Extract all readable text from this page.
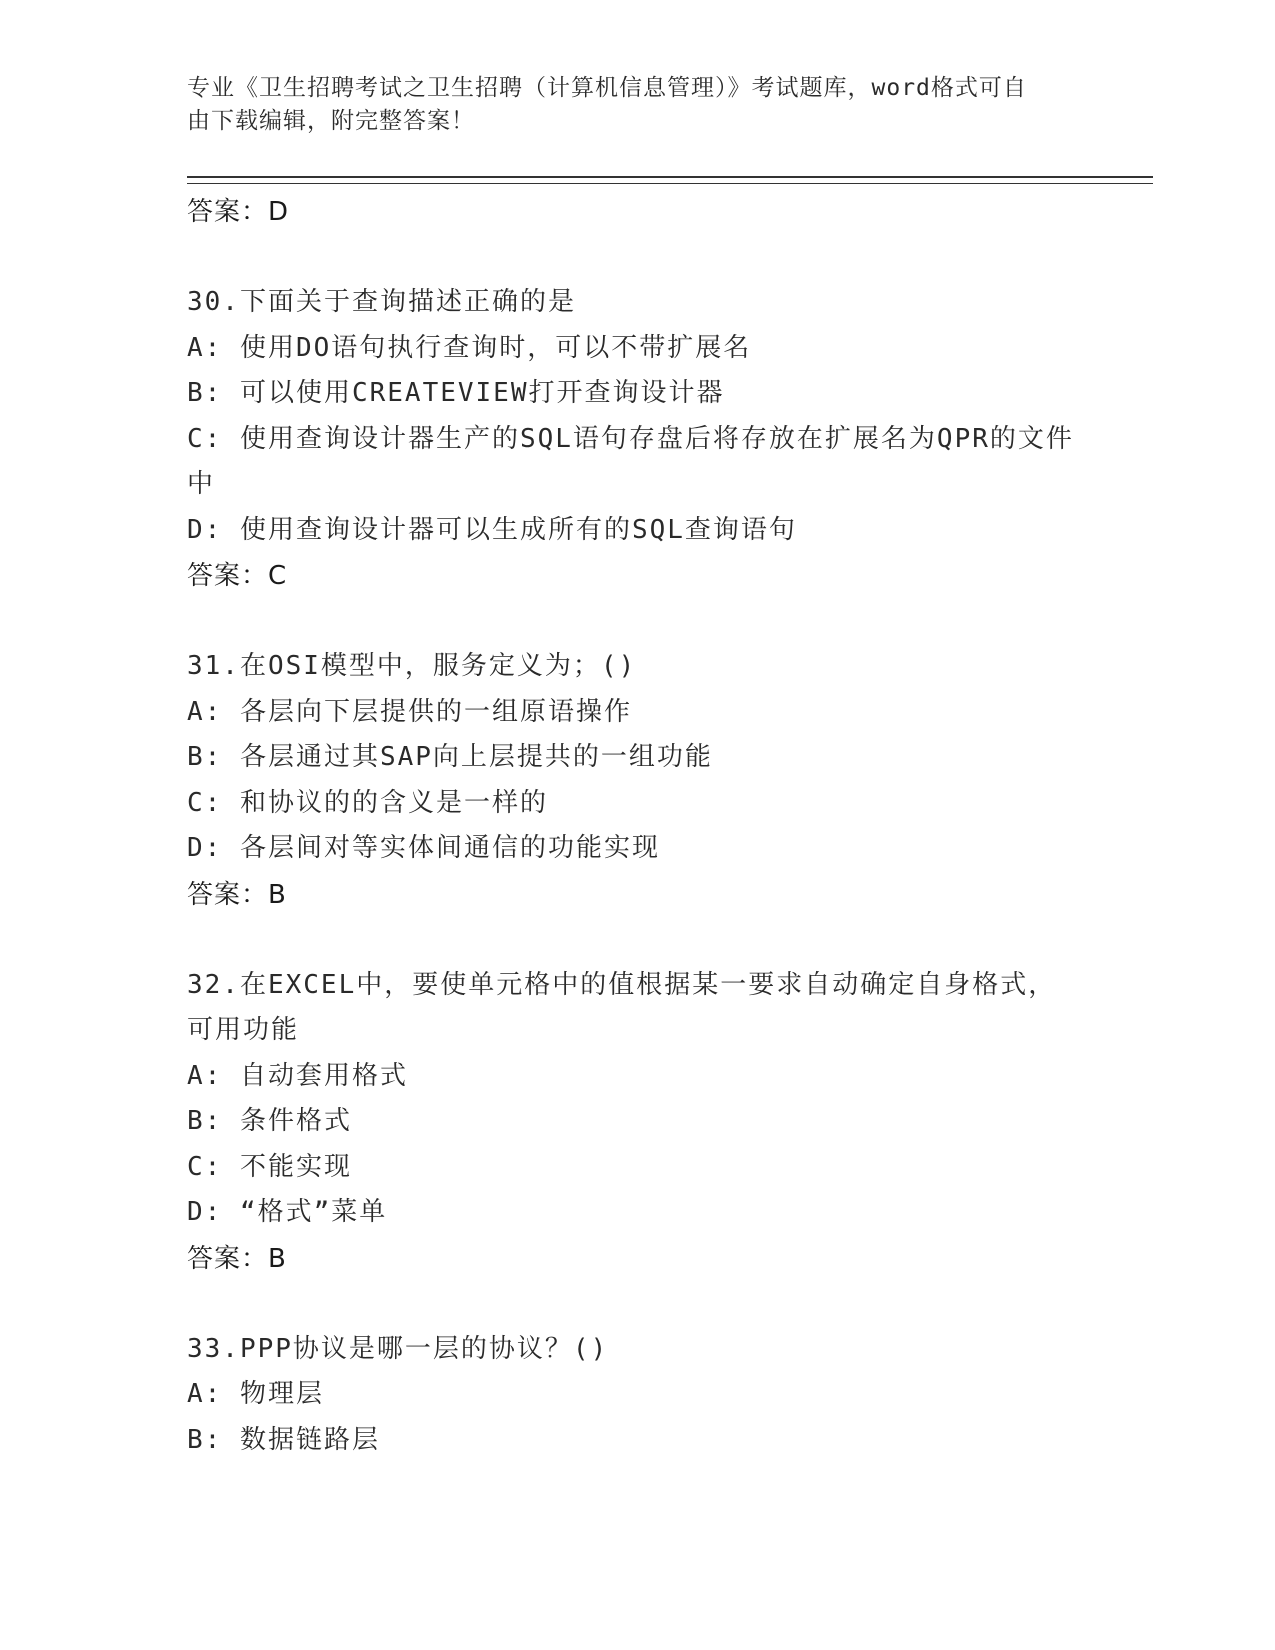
专业《卫生招聘考试之卫生招聘（计算机信息管理）》考试题库，word格式可自
由下载编辑，附完整答案！
答案：D
30.下面关于查询描述正确的是
A: 使用DO语句执行查询时，可以不带扩展名
B: 可以使用CREATEVIEW打开查询设计器
C: 使用查询设计器生产的SQL语句存盘后将存放在扩展名为QPR的文件中
D: 使用查询设计器可以生成所有的SQL查询语句
答案：C
31.在OSI模型中，服务定义为；()
A: 各层向下层提供的一组原语操作
B: 各层通过其SAP向上层提共的一组功能
C: 和协议的的含义是一样的
D: 各层间对等实体间通信的功能实现
答案：B
32.在EXCEL中，要使单元格中的值根据某一要求自动确定自身格式，可用功能
A: 自动套用格式
B: 条件格式
C: 不能实现
D: “格式”菜单
答案：B
33.PPP协议是哪一层的协议？()
A: 物理层
B: 数据链路层
